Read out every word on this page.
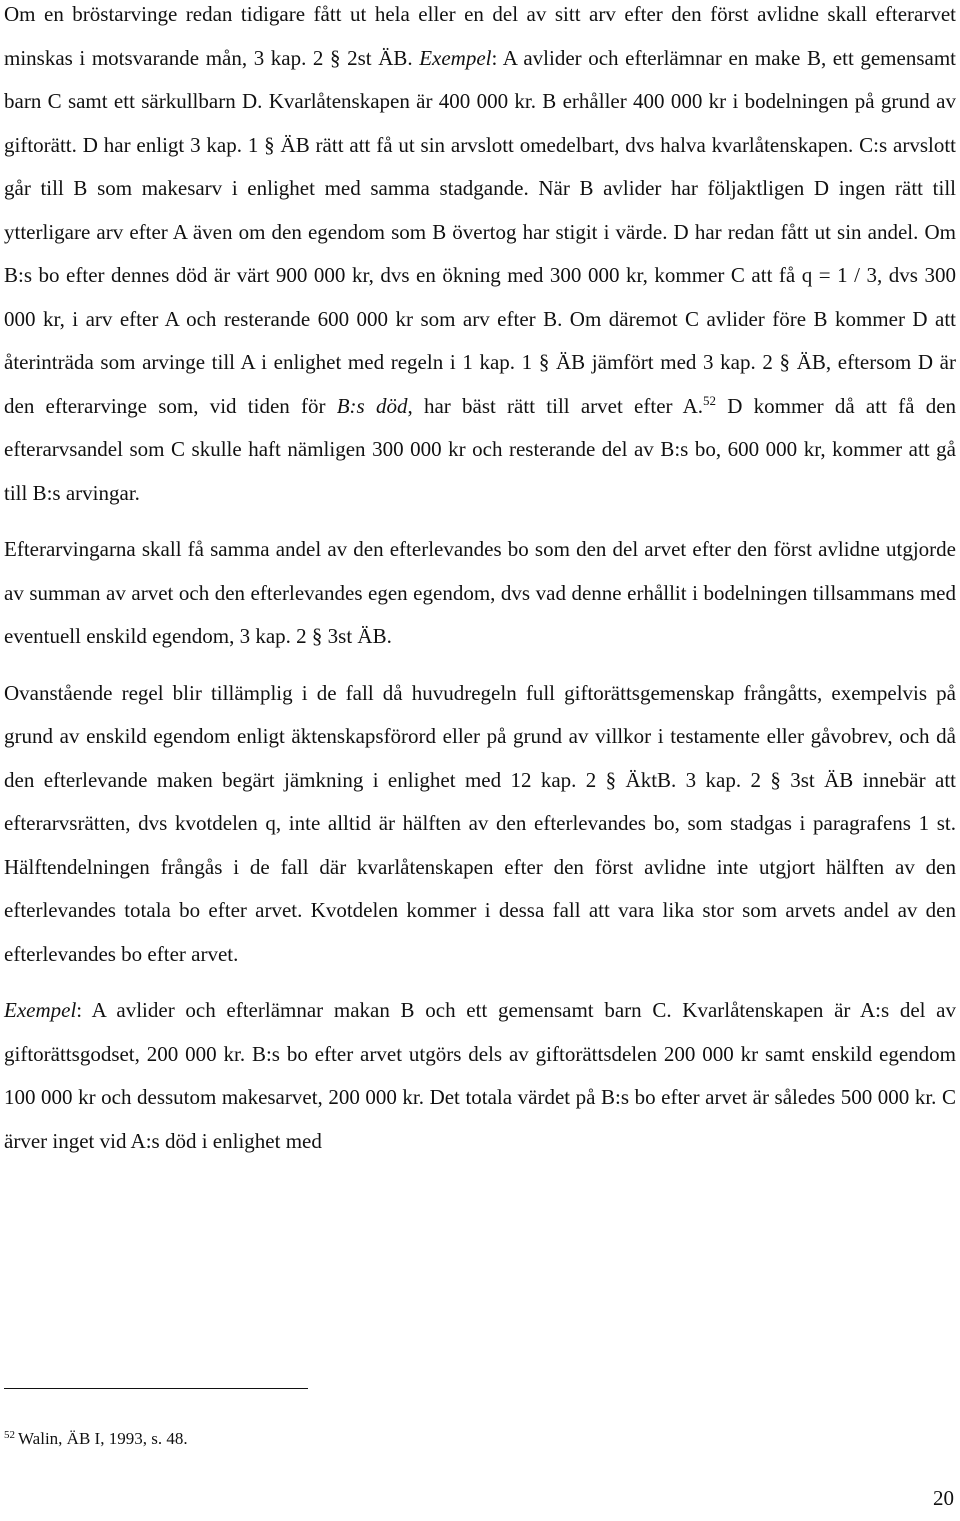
Om en bröstarvinge redan tidigare fått ut hela eller en del av sitt arv efter den först avlidne skall efterarvet minskas i motsvarande mån, 3 kap. 2 § 2st ÄB. Exempel: A avlider och efterlämnar en make B, ett gemensamt barn C samt ett särkullbarn D. Kvarlåtenskapen är 400 000 kr. B erhåller 400 000 kr i bodelningen på grund av giftorätt. D har enligt 3 kap. 1 § ÄB rätt att få ut sin arvslott omedelbart, dvs halva kvarlåtenskapen. C:s arvslott går till B som makesarv i enlighet med samma stadgande. När B avlider har följaktligen D ingen rätt till ytterligare arv efter A även om den egendom som B övertog har stigit i värde. D har redan fått ut sin andel. Om B:s bo efter dennes död är värt 900 000 kr, dvs en ökning med 300 000 kr, kommer C att få q = 1 / 3, dvs 300 000 kr, i arv efter A och resterande 600 000 kr som arv efter B. Om däremot C avlider före B kommer D att återinträda som arvinge till A i enlighet med regeln i 1 kap. 1 § ÄB jämfört med 3 kap. 2 § ÄB, eftersom D är den efterarvinge som, vid tiden för B:s död, har bäst rätt till arvet efter A.$^{52}$ D kommer då att få den efterarvsandel som C skulle haft nämligen 300 000 kr och resterande del av B:s bo, 600 000 kr, kommer att gå till B:s arvingar.

Efterarvingarna skall få samma andel av den efterlevandes bo som den del arvet efter den först avlidne utgjorde av summan av arvet och den efterlevandes egen egendom, dvs vad denne erhållit i bodelningen tillsammans med eventuell enskild egendom, 3 kap. 2 § 3st ÄB.

Ovanstående regel blir tillämplig i de fall då huvudregeln full giftorättsgemenskap frångåtts, exempelvis på grund av enskild egendom enligt äktenskapsförord eller på grund av villkor i testamente eller gåvobrev, och då den efterlevande maken begärt jämkning i enlighet med 12 kap. 2 § ÄktB. 3 kap. 2 § 3st ÄB innebär att efterarvsrätten, dvs kvotdelen q, inte alltid är hälften av den efterlevandes bo, som stadgas i paragrafens 1 st. Hälftendelningen frångås i de fall där kvarlåtenskapen efter den först avlidne inte utgjort hälften av den efterlevandes totala bo efter arvet. Kvotdelen kommer i dessa fall att vara lika stor som arvets andel av den efterlevandes bo efter arvet.

Exempel: A avlider och efterlämnar makan B och ett gemensamt barn C. Kvarlåtenskapen är A:s del av giftorättsgodset, 200 000 kr. B:s bo efter arvet utgörs dels av giftorättsdelen 200 000 kr samt enskild egendom 100 000 kr och dessutom makesarvet, 200 000 kr. Det totala värdet på B:s bo efter arvet är således 500 000 kr. C ärver inget vid A:s död i enlighet med

$^{52}$ Walin, ÄB I, 1993, s. 48.
20
